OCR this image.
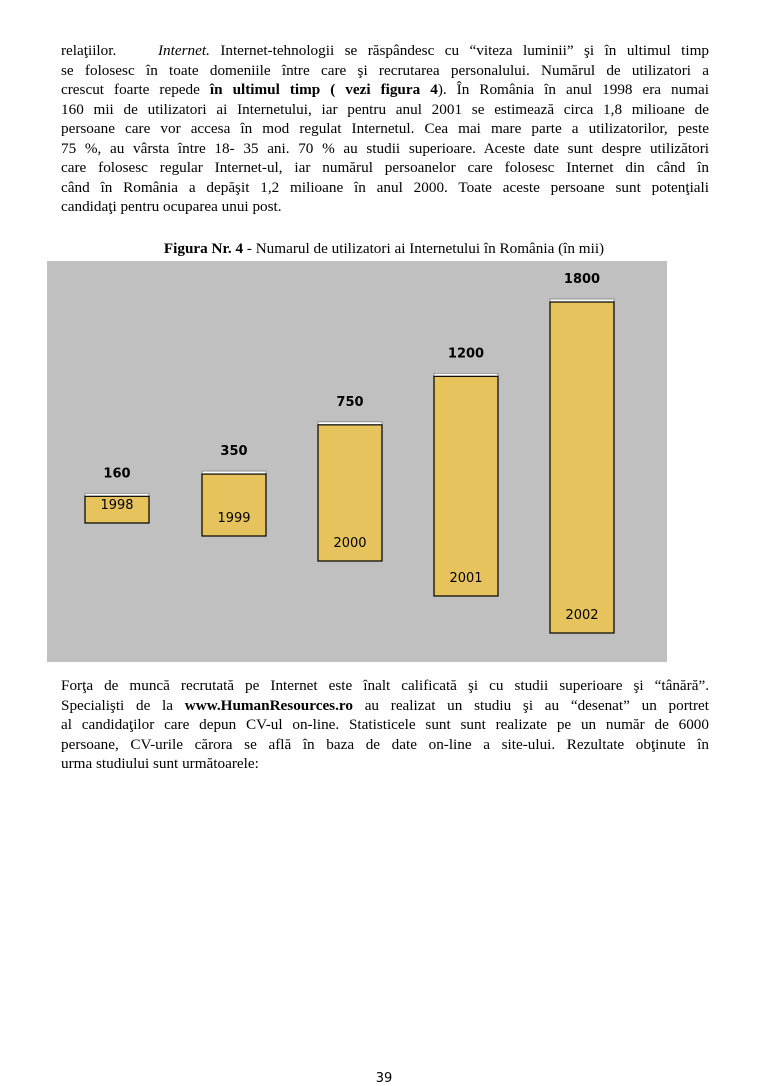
relaţiilor.	Internet. Internet-tehnologii se răspândesc cu “viteza luminii” şi în ultimul timp
se folosesc în toate domeniile între care şi recrutarea personalului. Numărul de utilizatori a
crescut foarte repede în ultimul timp ( vezi figura 4). În România în anul 1998 era numai
160 mii de utilizatori ai Internetului, iar pentru anul 2001 se estimează circa 1,8 milioane de
persoane care vor accesa în mod regulat Internetul. Cea mai mare parte a utilizatorilor, peste
75 %, au vârsta între 18- 35 ani. 70 % au studii superioare. Aceste date sunt despre utilizători
care folosesc regular Internet-ul, iar numărul persoanelor care folosesc Internet din când în
când în România a depăşit 1,2 milioane în anul 2000. Toate aceste persoane sunt potenţiali
candidaţi pentru ocuparea unui post.

Figura Nr. 4 - Numarul de utilizatori ai Internetului în România (în mii)
160
1998
350
1999
750
2000
1200
2001
1800
2002

Forţa de muncă recrutată pe Internet este înalt calificată şi cu studii superioare şi “tânără”.
Specialişti de la www.HumanResources.ro au realizat un studiu şi au “desenat” un portret
al candidaţilor care depun CV-ul on-line. Statisticele sunt sunt realizate pe un număr de 6000
persoane, CV-urile cărora se află în baza de date on-line a site-ului. Rezultate obţinute în
urma studiului sunt următoarele:

39
